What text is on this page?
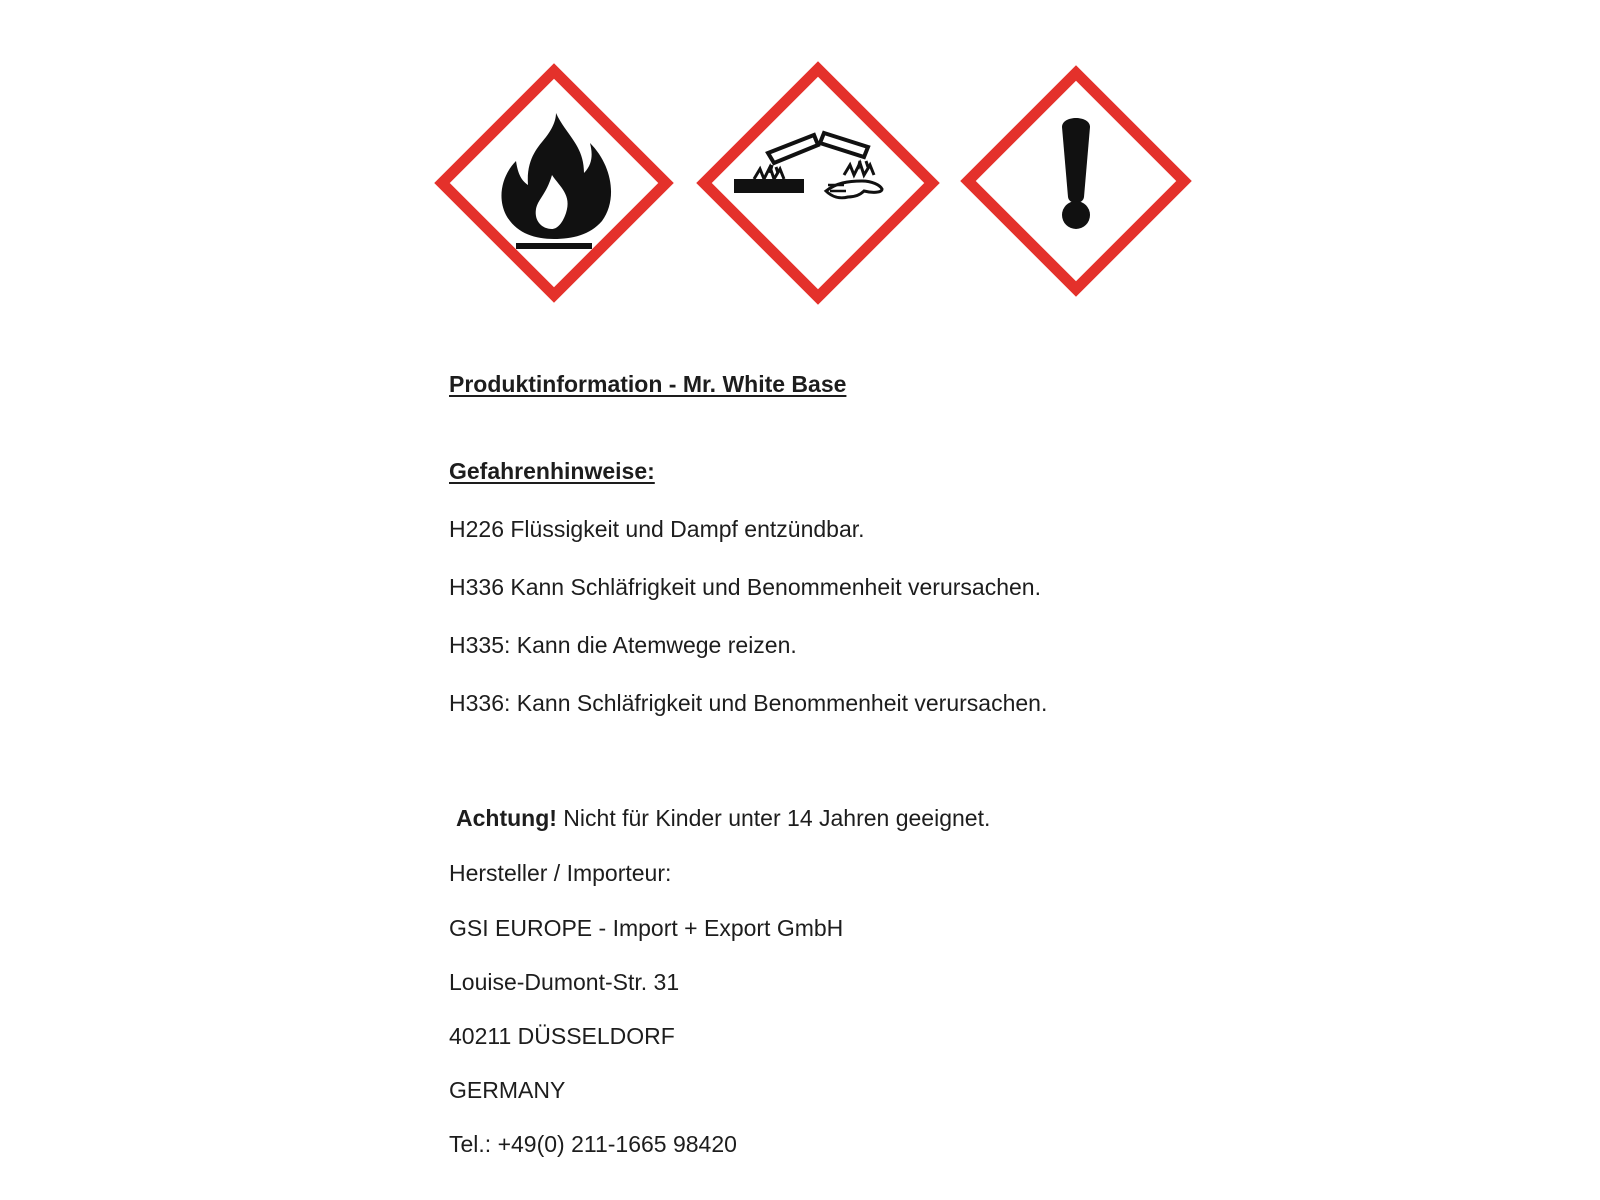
Produktinformation - Mr. White Base
Gefahrenhinweise:
H226 Flüssigkeit und Dampf entzündbar.
H336 Kann Schläfrigkeit und Benommenheit verursachen.
H335: Kann die Atemwege reizen.
H336: Kann Schläfrigkeit und Benommenheit verursachen.
Achtung! Nicht für Kinder unter 14 Jahren geeignet.
Hersteller / Importeur:
GSI EUROPE - Import + Export GmbH
Louise-Dumont-Str. 31
40211 DÜSSELDORF
GERMANY
Tel.: +49(0) 211-1665 98420
